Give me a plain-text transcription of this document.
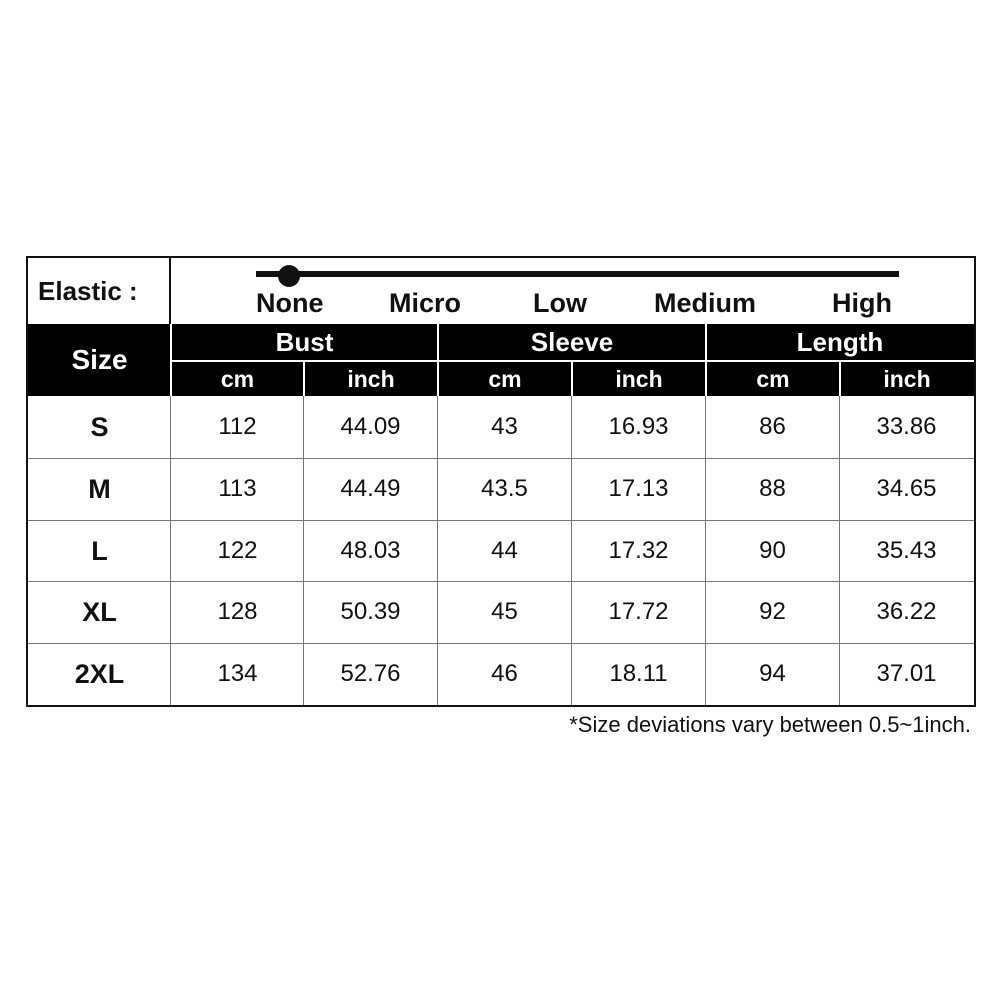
Elastic :	None Micro	Low Medium	High
Size
Bust	Sleeve	Length
cm	inch	cm	inch	cm	inch
S	112	44.09	43	16.93	86	33.86
M	113	44.49	43.5	17.13	88	34.65
L	122	48.03	44	17.32	90	35.43
XL	128	50.39	45	17.72	92	36.22
2XL	134	52.76	46	18.11	94	37.01
*Size deviations vary between 0.5~1inch.
